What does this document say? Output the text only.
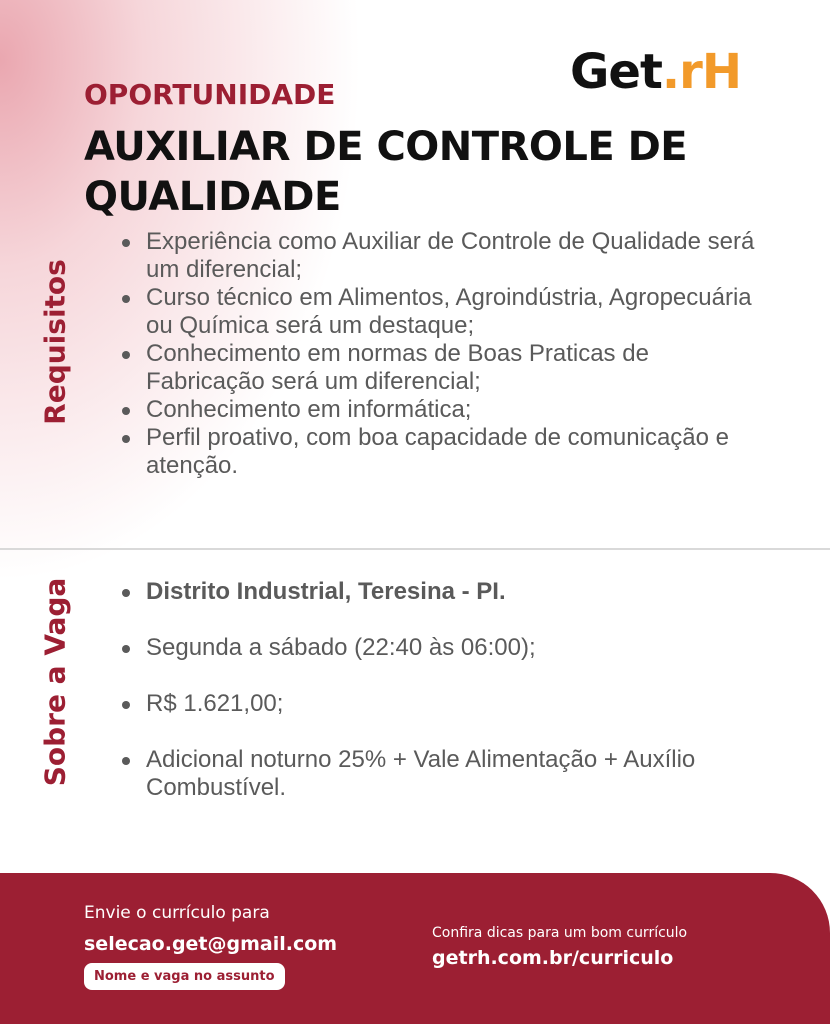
Get.rH
OPORTUNIDADE
AUXILIAR DE CONTROLE DE QUALIDADE
Requisitos
Experiência como Auxiliar de Controle de Qualidade será um diferencial;
Curso técnico em Alimentos, Agroindústria, Agropecuária ou Química será um destaque;
Conhecimento em normas de Boas Praticas de Fabricação será um diferencial;
Conhecimento em informática;
Perfil proativo, com boa capacidade de comunicação e atenção.
Sobre a Vaga	Distrito Industrial, Teresina - PI.
Segunda a sábado (22:40 às 06:00);
R$ 1.621,00;
Adicional noturno 25% + Vale Alimentação + Auxílio Combustível.
Envie o currículo para
selecao.get@gmail.com
Nome e vaga no assunto
Confira dicas para um bom currículo
getrh.com.br/curriculo
